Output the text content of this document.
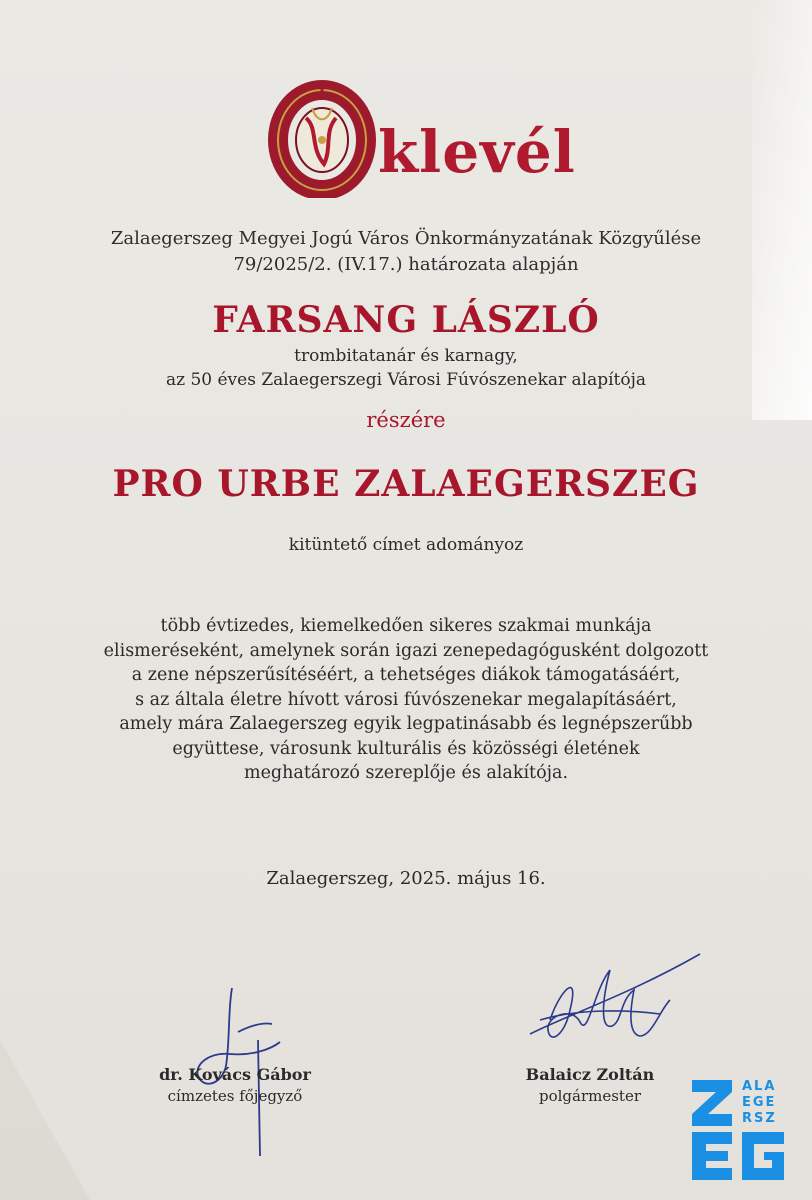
klevél
Zalaegerszeg Megyei Jogú Város Önkormányzatának Közgyűlése
79/2025/2. (IV.17.) határozata alapján
FARSANG LÁSZLÓ
trombitatanár és karnagy,
az 50 éves Zalaegerszegi Városi Fúvószenekar alapítója
részére
PRO URBE ZALAEGERSZEG
kitüntető címet adományoz
több évtizedes, kiemelkedően sikeres szakmai munkája
elismeréseként, amelynek során igazi zenepedagógusként dolgozott
a zene népszerűsítéséért, a tehetséges diákok támogatásáért,
s az általa életre hívott városi fúvószenekar megalapításáért,
amely mára Zalaegerszeg egyik legpatinásabb és legnépszerűbb
együttese, városunk kulturális és közösségi életének
meghatározó szereplője és alakítója.
Zalaegerszeg, 2025. május 16.
dr. Kovács Gábor
címzetes főjegyző
Balaicz Zoltán
polgármester
ALA
EGE
RSZ
